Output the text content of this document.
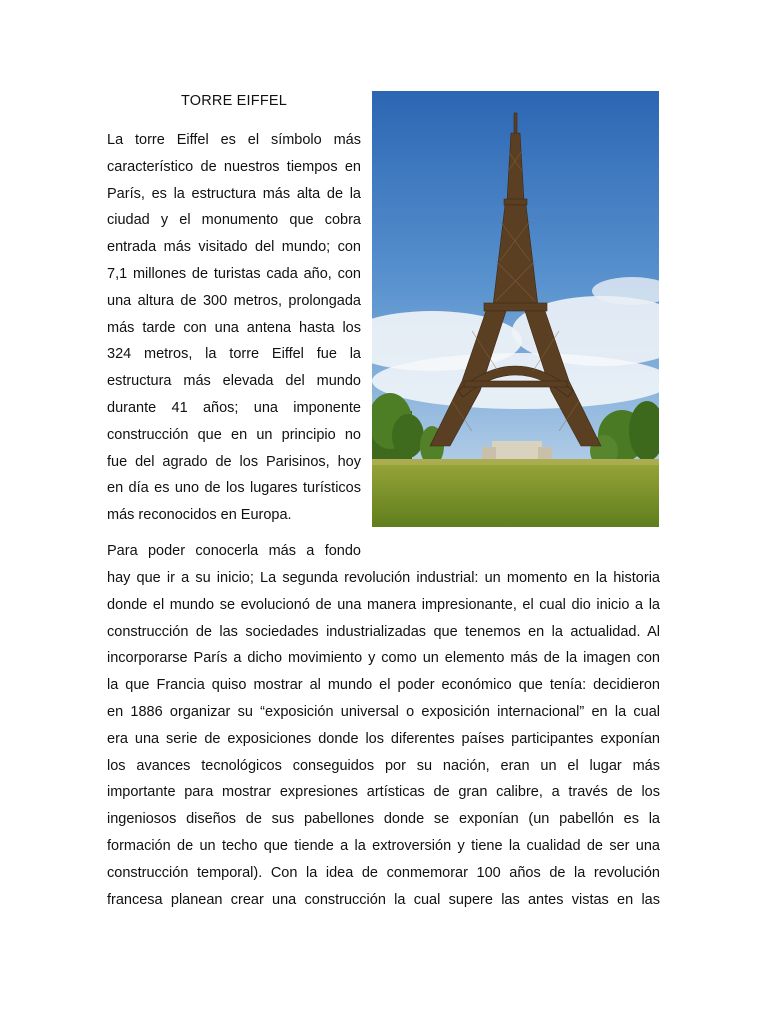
TORRE EIFFEL
La torre Eiffel es el símbolo más
característico de nuestros tiempos en
París, es la estructura más alta de la
ciudad y el monumento que cobra
entrada más visitado del mundo; con
7,1 millones de turistas cada año, con
una altura de 300 metros, prolongada
más tarde con una antena hasta los
324 metros, la torre Eiffel fue la
estructura más elevada del mundo
durante 41 años; una imponente
construcción que en un principio no
fue del agrado de los Parisinos, hoy
en día es uno de los lugares turísticos
más reconocidos en Europa.
Para poder conocerla más a fondo
hay que ir a su inicio; La segunda revolución industrial: un momento en la historia
donde el mundo se evolucionó de una manera impresionante, el cual dio inicio a la
construcción de las sociedades industrializadas que tenemos en la actualidad. Al
incorporarse París a dicho movimiento y como un elemento más de la imagen con
la que Francia quiso mostrar al mundo el poder económico que tenía: decidieron
en 1886 organizar su “exposición universal o exposición internacional” en la cual
era una serie de exposiciones donde los diferentes países participantes exponían
los avances tecnológicos conseguidos por su nación, eran un el lugar más
importante para mostrar expresiones artísticas de gran calibre, a través de los
ingeniosos diseños de sus pabellones donde se exponían (un pabellón es la
formación de un techo que tiende a la extroversión y tiene la cualidad de ser una
construcción temporal). Con la idea de conmemorar 100 años de la revolución
francesa planean crear una construcción la cual supere las antes vistas en las
